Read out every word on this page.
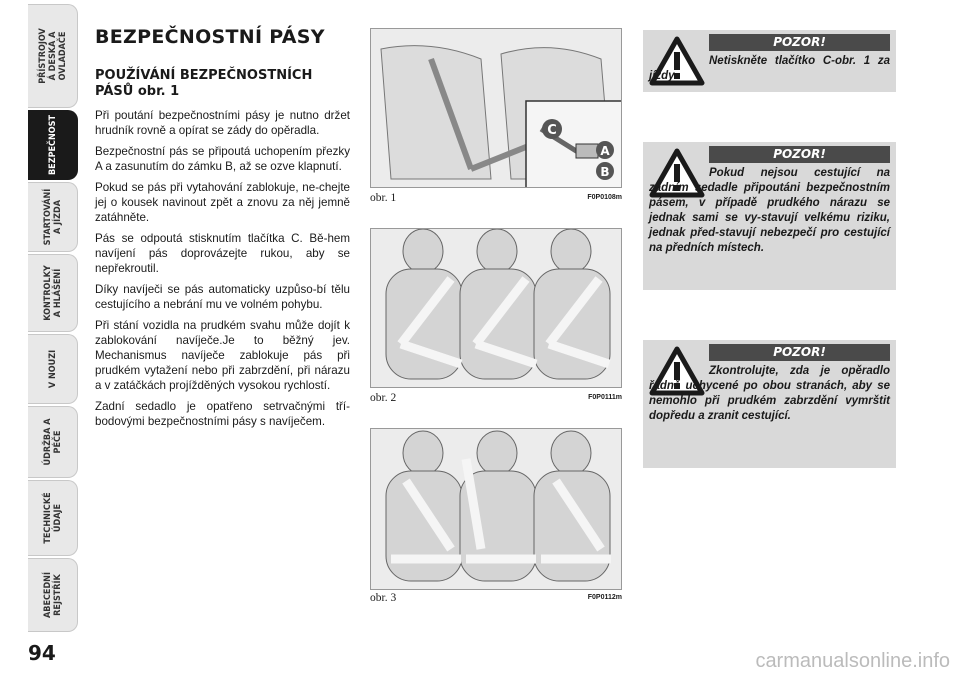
PŘÍSTROJOV
Á DESKA A
OVLADAČE
BEZPEČNOST
STARTOVÁNÍ
A JÍZDA
KONTROLKY
A HLÁŠENÍ
V NOUZI
ÚDRŽBA A
PÉČE
TECHNICKÉ
ÚDAJE
ABECEDNÍ
REJSTŘÍK
94	carmanualsonline.info
BEZPEČNOSTNÍ PÁSY
POUŽÍVÁNÍ BEZPEČNOSTNÍCH PÁSŮ obr. 1

Při poutání bezpečnostními pásy je nutno držet hrudník rovně a opírat se zády do opěradla.

Bezpečnostní pás se připoutá uchopením přezky A a zasunutím do zámku B, až se ozve klapnutí.

Pokud se pás při vytahování zablokuje, ne-chejte jej o kousek navinout zpět a znovu za něj jemně zatáhněte.

Pás se odpoutá stisknutím tlačítka C. Bě-hem navíjení pás doprovázejte rukou, aby se nepřekroutil.

Díky navíječi se pás automaticky uzpůso-bí tělu cestujícího a nebrání mu ve volném pohybu.

Při stání vozidla na prudkém svahu může dojít k zablokování navíječe.Je to běžný jev. Mechanismus navíječe zablokuje pás při prudkém vytažení nebo při zabrzdění, při nárazu a v zatáčkách projížděných vysokou rychlostí.

Zadní sedadlo je opatřeno setrvačnými tří-bodovými bezpečnostními pásy s navíječem.

C
A
B
obr. 1	F0P0108m
obr. 2	F0P0111m
obr. 3	F0P0112m
POZOR!
Netiskněte tlačítko C-obr. 1 za jízdy.
POZOR!
Pokud nejsou cestující na zadním sedadle připoutáni bezpečnostním pásem, v případě prudkého nárazu se jednak sami se vy-stavují velkému riziku, jednak před-stavují nebezpečí pro cestující na předních místech.
POZOR!
Zkontrolujte, zda je opěradlo řádně uchycené po obou stranách, aby se nemohlo při prudkém zabrzdění vymrštit dopředu a zranit cestující.
